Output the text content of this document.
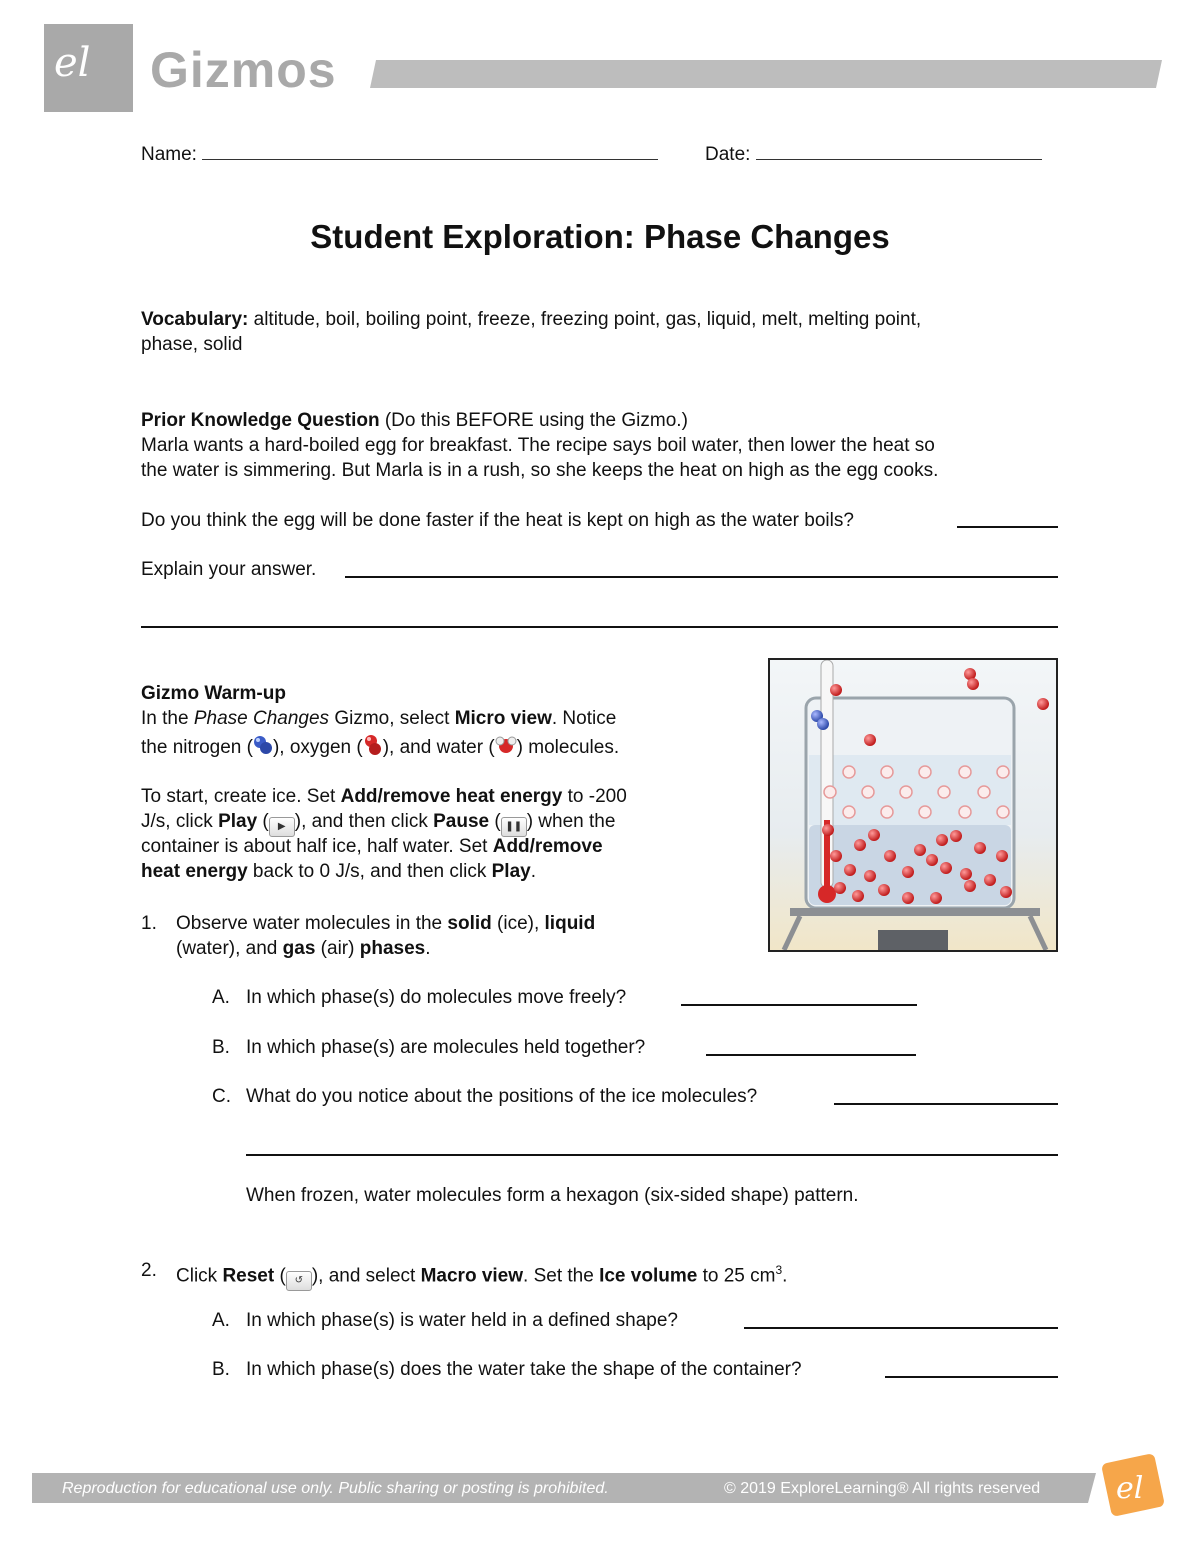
el Gizmos
Name:	Date:
Student Exploration: Phase Changes
Vocabulary: altitude, boil, boiling point, freeze, freezing point, gas, liquid, melt, melting point,
phase, solid
Prior Knowledge Question (Do this BEFORE using the Gizmo.)
Marla wants a hard-boiled egg for breakfast. The recipe says boil water, then lower the heat so
the water is simmering. But Marla is in a rush, so she keeps the heat on high as the egg cooks.
Do you think the egg will be done faster if the heat is kept on high as the water boils?
Explain your answer.
Gizmo Warm-up
In the Phase Changes Gizmo, select Micro view. Notice
the nitrogen ( ), oxygen ( ), and water ( ) molecules.
To start, create ice. Set Add/remove heat energy to -200
J/s, click Play ( ▶ ), and then click Pause ( ❚❚ ) when the
container is about half ice, half water. Set Add/remove
heat energy back to 0 J/s, and then click Play.
1. Observe water molecules in the solid (ice), liquid
(water), and gas (air) phases.
A. In which phase(s) do molecules move freely?
B. In which phase(s) are molecules held together?
C. What do you notice about the positions of the ice molecules?
When frozen, water molecules form a hexagon (six-sided shape) pattern.
2. Click Reset ( ↺ ), and select Macro view. Set the Ice volume to 25 $cm^3$.
A. In which phase(s) is water held in a defined shape?
B. In which phase(s) does the water take the shape of the container?
Reproduction for educational use only. Public sharing or posting is prohibited.	© 2019 ExploreLearning® All rights reserved	el
